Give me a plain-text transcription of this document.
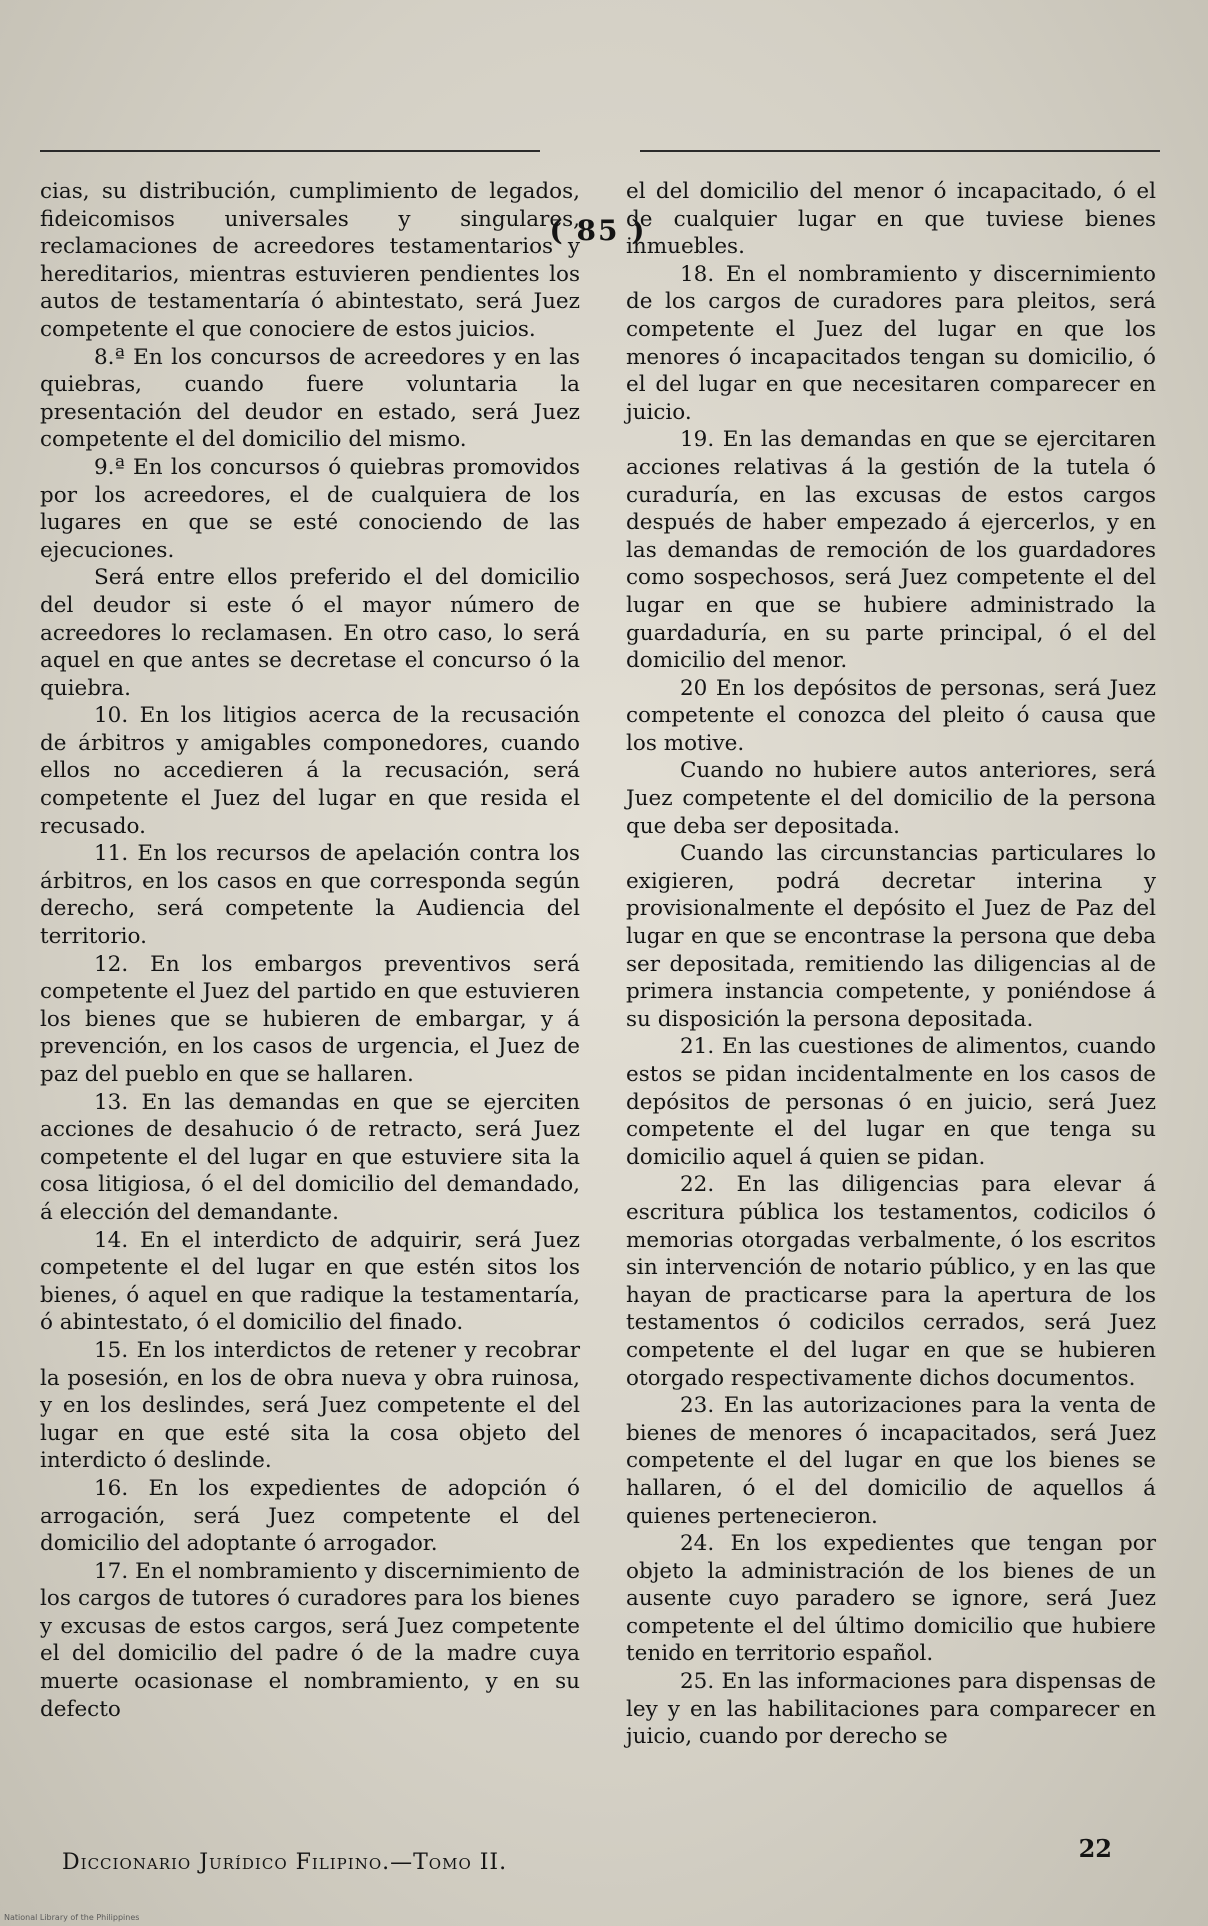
( 85 )

cias, su distribución, cumplimiento de legados, fideicomisos universales y singulares, reclamaciones de acreedores testamentarios y hereditarios, mientras estuvieren pendientes los autos de testamentaría ó abintestato, será Juez competente el que conociere de estos juicios.

8.ª En los concursos de acreedores y en las quiebras, cuando fuere voluntaria la presentación del deudor en estado, será Juez competente el del domicilio del mismo.

9.ª En los concursos ó quiebras promovidos por los acreedores, el de cualquiera de los lugares en que se esté conociendo de las ejecuciones.

Será entre ellos preferido el del domicilio del deudor si este ó el mayor número de acreedores lo reclamasen. En otro caso, lo será aquel en que antes se decretase el concurso ó la quiebra.

10. En los litigios acerca de la recusación de árbitros y amigables componedores, cuando ellos no accedieren á la recusación, será competente el Juez del lugar en que resida el recusado.

11. En los recursos de apelación contra los árbitros, en los casos en que corresponda según derecho, será competente la Audiencia del territorio.

12. En los embargos preventivos será competente el Juez del partido en que estuvieren los bienes que se hubieren de embargar, y á prevención, en los casos de urgencia, el Juez de paz del pueblo en que se hallaren.

13. En las demandas en que se ejerciten acciones de desahucio ó de retracto, será Juez competente el del lugar en que estuviere sita la cosa litigiosa, ó el del domicilio del demandado, á elección del demandante.

14. En el interdicto de adquirir, será Juez competente el del lugar en que estén sitos los bienes, ó aquel en que radique la testamentaría, ó abintestato, ó el domicilio del finado.

15. En los interdictos de retener y recobrar la posesión, en los de obra nueva y obra ruinosa, y en los deslindes, será Juez competente el del lugar en que esté sita la cosa objeto del interdicto ó deslinde.

16. En los expedientes de adopción ó arrogación, será Juez competente el del domicilio del adoptante ó arrogador.

17. En el nombramiento y discernimiento de los cargos de tutores ó curadores para los bienes y excusas de estos cargos, será Juez competente el del domicilio del padre ó de la madre cuya muerte ocasionase el nombramiento, y en su defecto

el del domicilio del menor ó incapacitado, ó el de cualquier lugar en que tuviese bienes inmuebles.

18. En el nombramiento y discernimiento de los cargos de curadores para pleitos, será competente el Juez del lugar en que los menores ó incapacitados tengan su domicilio, ó el del lugar en que necesitaren comparecer en juicio.

19. En las demandas en que se ejercitaren acciones relativas á la gestión de la tutela ó curaduría, en las excusas de estos cargos después de haber empezado á ejercerlos, y en las demandas de remoción de los guardadores como sospechosos, será Juez competente el del lugar en que se hubiere administrado la guardaduría, en su parte principal, ó el del domicilio del menor.

20 En los depósitos de personas, será Juez competente el conozca del pleito ó causa que los motive.

Cuando no hubiere autos anteriores, será Juez competente el del domicilio de la persona que deba ser depositada.

Cuando las circunstancias particulares lo exigieren, podrá decretar interina y provisionalmente el depósito el Juez de Paz del lugar en que se encontrase la persona que deba ser depositada, remitiendo las diligencias al de primera instancia competente, y poniéndose á su disposición la persona depositada.

21. En las cuestiones de alimentos, cuando estos se pidan incidentalmente en los casos de depósitos de personas ó en juicio, será Juez competente el del lugar en que tenga su domicilio aquel á quien se pidan.

22. En las diligencias para elevar á escritura pública los testamentos, codicilos ó memorias otorgadas verbalmente, ó los escritos sin intervención de notario público, y en las que hayan de practicarse para la apertura de los testamentos ó codicilos cerrados, será Juez competente el del lugar en que se hubieren otorgado respectivamente dichos documentos.

23. En las autorizaciones para la venta de bienes de menores ó incapacitados, será Juez competente el del lugar en que los bienes se hallaren, ó el del domicilio de aquellos á quienes pertenecieron.

24. En los expedientes que tengan por objeto la administración de los bienes de un ausente cuyo paradero se ignore, será Juez competente el del último domicilio que hubiere tenido en territorio español.

25. En las informaciones para dispensas de ley y en las habilitaciones para comparecer en juicio, cuando por derecho se

Diccionario Jurídico Filipino.—Tomo II.	22
National Library of the Philippines
